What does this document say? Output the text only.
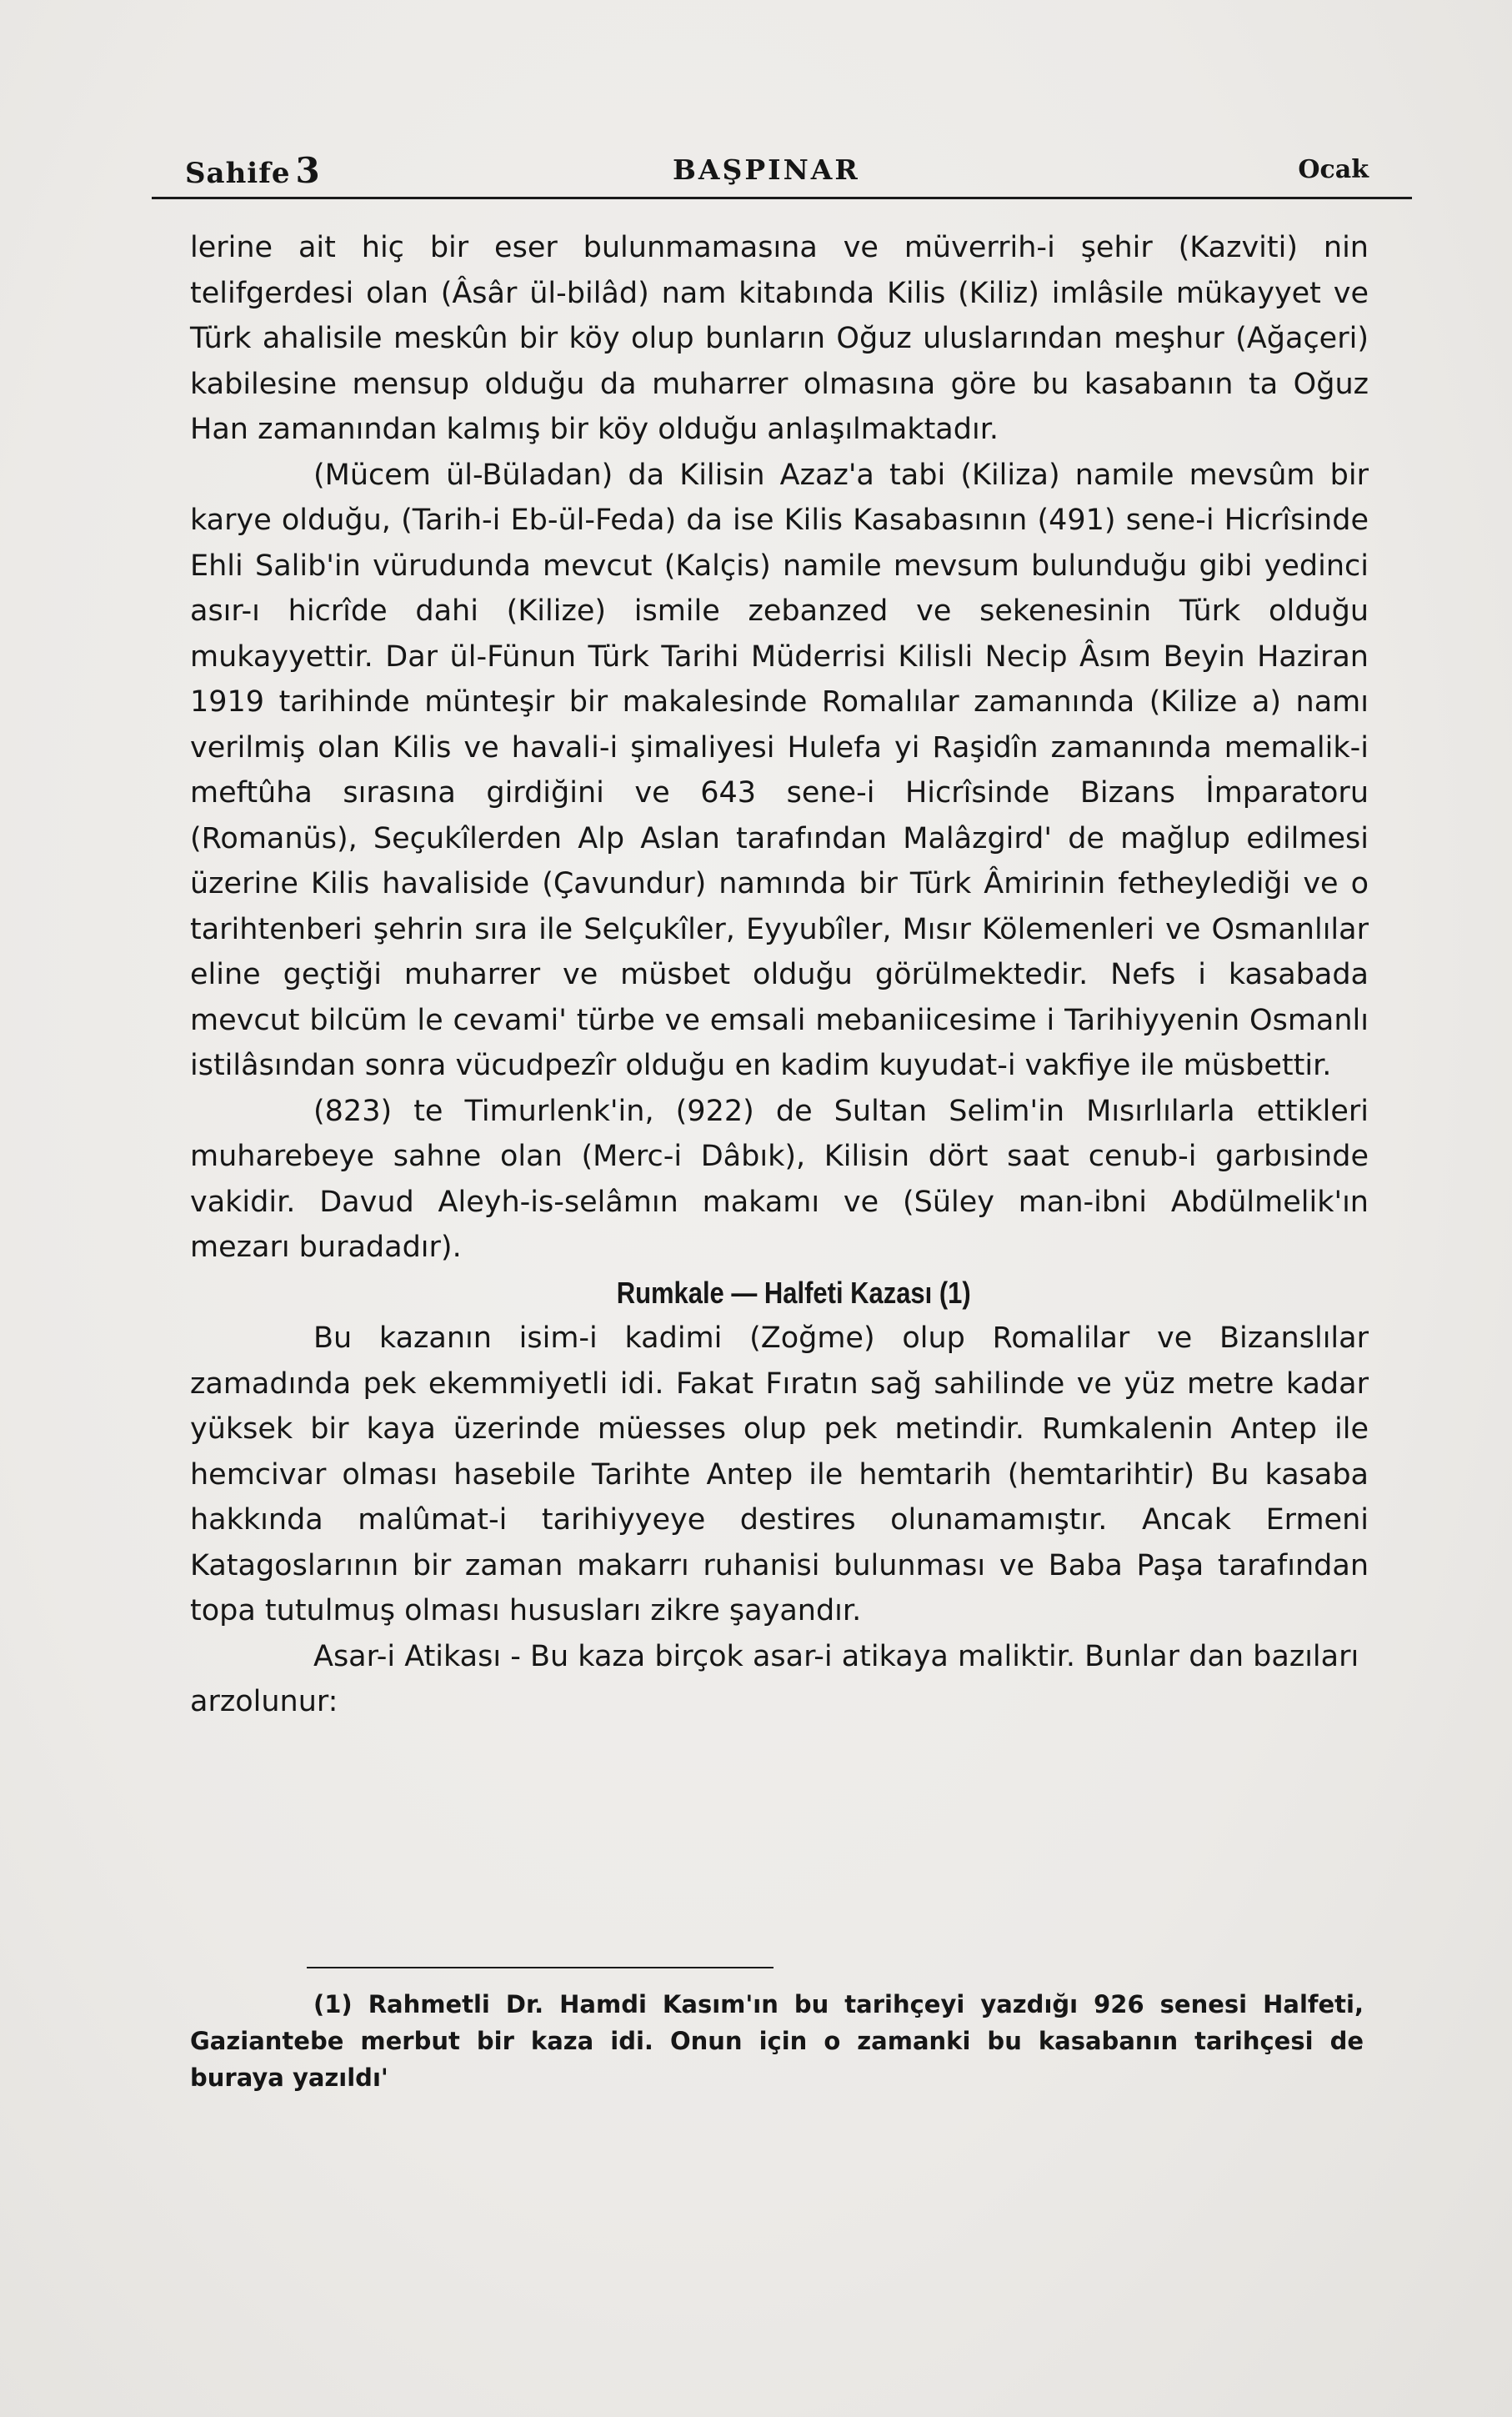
Sahife 3	BAŞPINAR	Ocak

lerine ait hiç bir eser bulunmamasına ve müverrih-i şehir (Kazviti) nin telifgerdesi olan (Âsâr ül-bilâd) nam kitabında Kilis (Kiliz) imlâsile mükayyet ve Türk ahalisile meskûn bir köy olup bunların Oğuz uluslarından meşhur (Ağaçeri) kabilesine mensup olduğu da muharrer olmasına göre bu kasabanın ta Oğuz Han zamanından kalmış bir köy olduğu anlaşılmaktadır.

(Mücem ül-Büladan) da Kilisin Azaz'a tabi (Kiliza) namile mevsûm bir karye olduğu, (Tarih-i Eb-ül-Feda) da ise Kilis Kasabasının (491) sene-i Hicrîsinde Ehli Salib'in vürudunda mevcut (Kalçis) namile mevsum bulunduğu gibi yedinci asır-ı hicrîde dahi (Kilize) ismile zebanzed ve sekenesinin Türk olduğu mukayyettir. Dar ül-Fünun Türk Tarihi Müderrisi Kilisli Necip Âsım Beyin Haziran 1919 tarihinde münteşir bir makalesinde Romalılar zamanında (Kilize a) namı verilmiş olan Kilis ve havali-i şimaliyesi Hulefa yi Raşidîn zamanında memalik-i meftûha sırasına girdiğini ve 643 sene-i Hicrîsinde Bizans İmparatoru (Romanüs), Seçukîlerden Alp Aslan tarafından Malâzgird' de mağlup edilmesi üzerine Kilis havaliside (Çavundur) namında bir Türk Âmirinin fetheylediği ve o tarihtenberi şehrin sıra ile Selçukîler, Eyyubîler, Mısır Kölemenleri ve Osmanlılar eline geçtiği muharrer ve müsbet olduğu görülmektedir. Nefs i kasabada mevcut bilcüm le cevami' türbe ve emsali mebaniicesime i Tarihiyyenin Osmanlı istilâsından sonra vücudpezîr olduğu en kadim kuyudat-i vakfiye ile müsbettir.

(823) te Timurlenk'in, (922) de Sultan Selim'in Mısırlılarla ettikleri muharebeye sahne olan (Merc-i Dâbık), Kilisin dört saat cenub-i garbısinde vakidir. Davud Aleyh-is-selâmın makamı ve (Süley man-ibni Abdülmelik'ın mezarı buradadır).

Rumkale — Halfeti Kazası (1)

Bu kazanın isim-i kadimi (Zoğme) olup Romalilar ve Bizanslılar zamadında pek ekemmiyetli idi. Fakat Fıratın sağ sahilinde ve yüz metre kadar yüksek bir kaya üzerinde müesses olup pek metindir. Rumkalenin Antep ile hemcivar olması hasebile Tarihte Antep ile hemtarih (hemtarihtir) Bu kasaba hakkında malûmat-i tarihiyyeye destires olunamamıştır. Ancak Ermeni Katagoslarının bir zaman makarrı ruhanisi bulunması ve Baba Paşa tarafından topa tutulmuş olması hususları zikre şayandır.

Asar-i Atikası - Bu kaza birçok asar-i atikaya maliktir. Bunlar dan bazıları arzolunur:

(1) Rahmetli Dr. Hamdi Kasım'ın bu tarihçeyi yazdığı 926 senesi Halfeti, Gaziantebe merbut bir kaza idi. Onun için o zamanki bu kasabanın tarihçesi de buraya yazıldı'
